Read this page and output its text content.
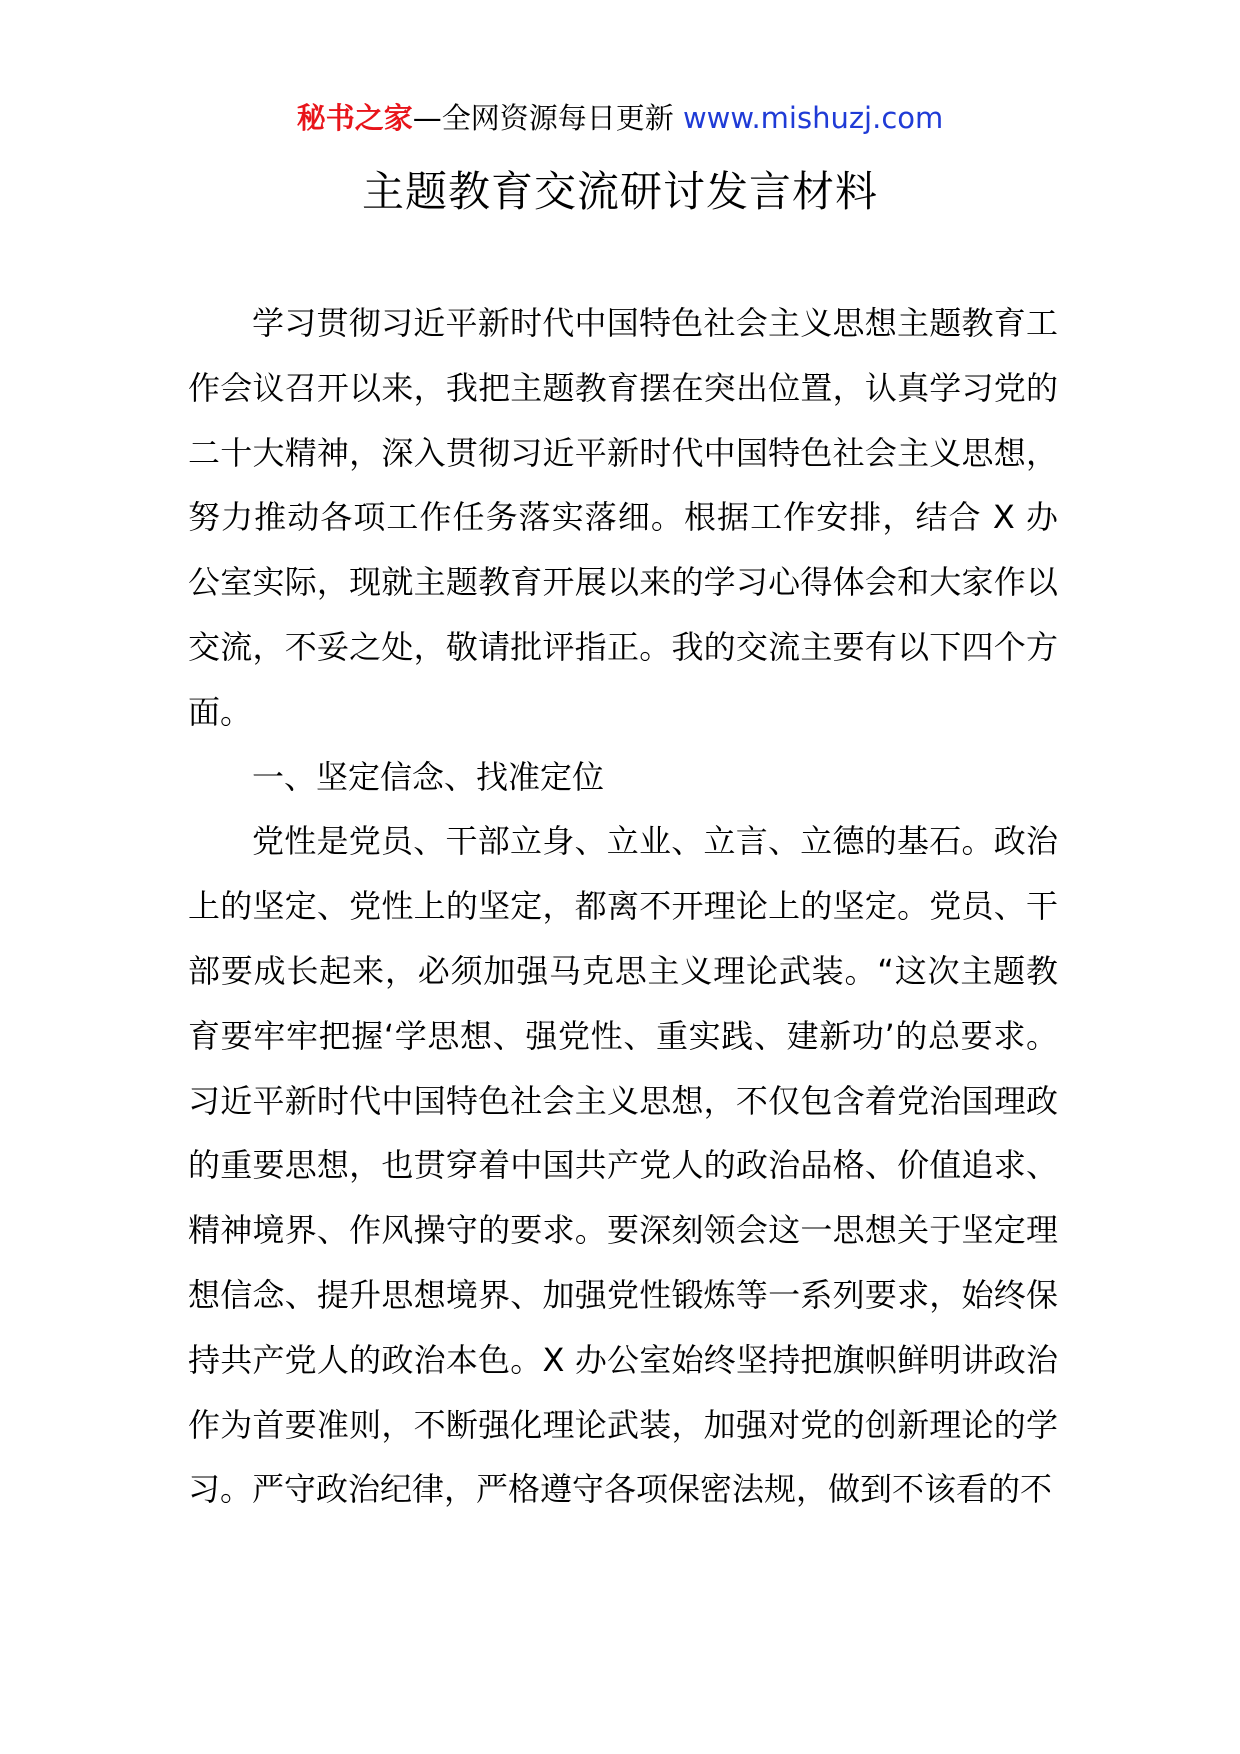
秘书之家—全网资源每日更新 www.mishuzj.com
主题教育交流研讨发言材料

学习贯彻习近平新时代中国特色社会主义思想主题教育工作会议召开以来，我把主题教育摆在突出位置，认真学习党的二十大精神，深入贯彻习近平新时代中国特色社会主义思想，努力推动各项工作任务落实落细。根据工作安排，结合 X 办公室实际，现就主题教育开展以来的学习心得体会和大家作以交流，不妥之处，敬请批评指正。我的交流主要有以下四个方面。

一、坚定信念、找准定位

党性是党员、干部立身、立业、立言、立德的基石。政治上的坚定、党性上的坚定，都离不开理论上的坚定。党员、干部要成长起来，必须加强马克思主义理论武装。“这次主题教育要牢牢把握‘学思想、强党性、重实践、建新功’的总要求。习近平新时代中国特色社会主义思想，不仅包含着党治国理政的重要思想，也贯穿着中国共产党人的政治品格、价值追求、精神境界、作风操守的要求。要深刻领会这一思想关于坚定理想信念、提升思想境界、加强党性锻炼等一系列要求，始终保持共产党人的政治本色。X 办公室始终坚持把旗帜鲜明讲政治作为首要准则，不断强化理论武装，加强对党的创新理论的学习。严守政治纪律，严格遵守各项保密法规，做到不该看的不
